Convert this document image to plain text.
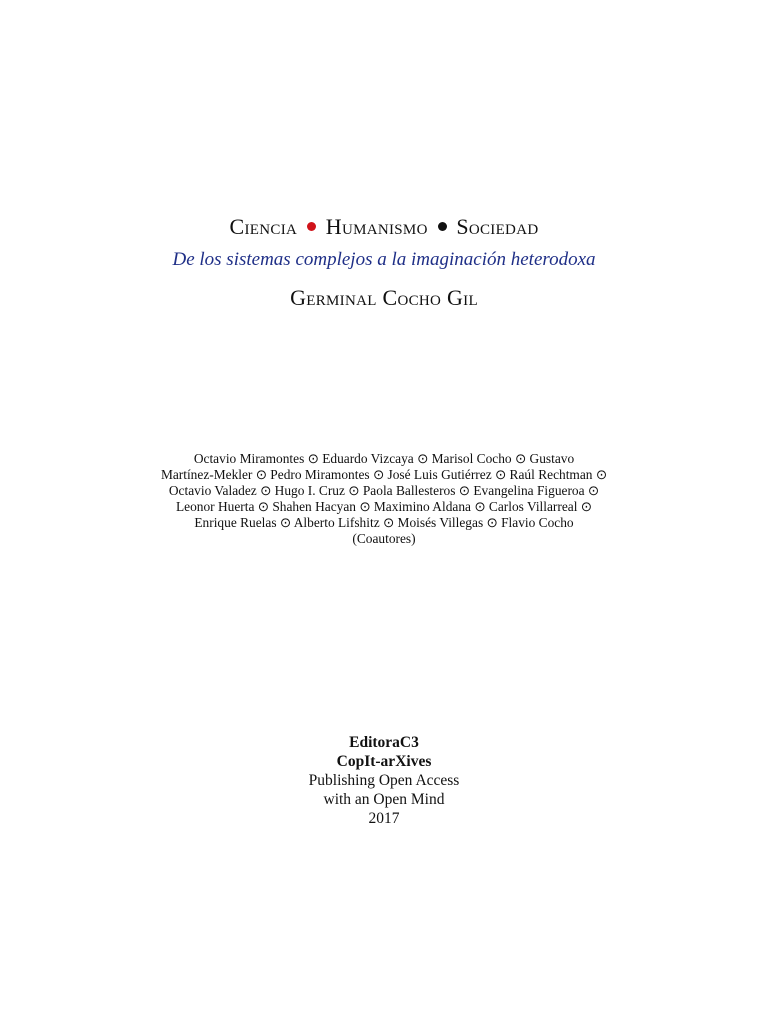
Ciencia Humanismo Sociedad
De los sistemas complejos a la imaginación heterodoxa
Germinal Cocho Gil
Octavio Miramontes ⊙ Eduardo Vizcaya ⊙ Marisol Cocho ⊙ Gustavo
Martínez-Mekler ⊙ Pedro Miramontes ⊙ José Luis Gutiérrez ⊙ Raúl Rechtman ⊙
Octavio Valadez ⊙ Hugo I. Cruz ⊙ Paola Ballesteros ⊙ Evangelina Figueroa ⊙
Leonor Huerta ⊙ Shahen Hacyan ⊙ Maximino Aldana ⊙ Carlos Villarreal ⊙
Enrique Ruelas ⊙ Alberto Lifshitz ⊙ Moisés Villegas ⊙ Flavio Cocho
(Coautores)
EditoraC3
CopIt-arXives
Publishing Open Access
with an Open Mind
2017
